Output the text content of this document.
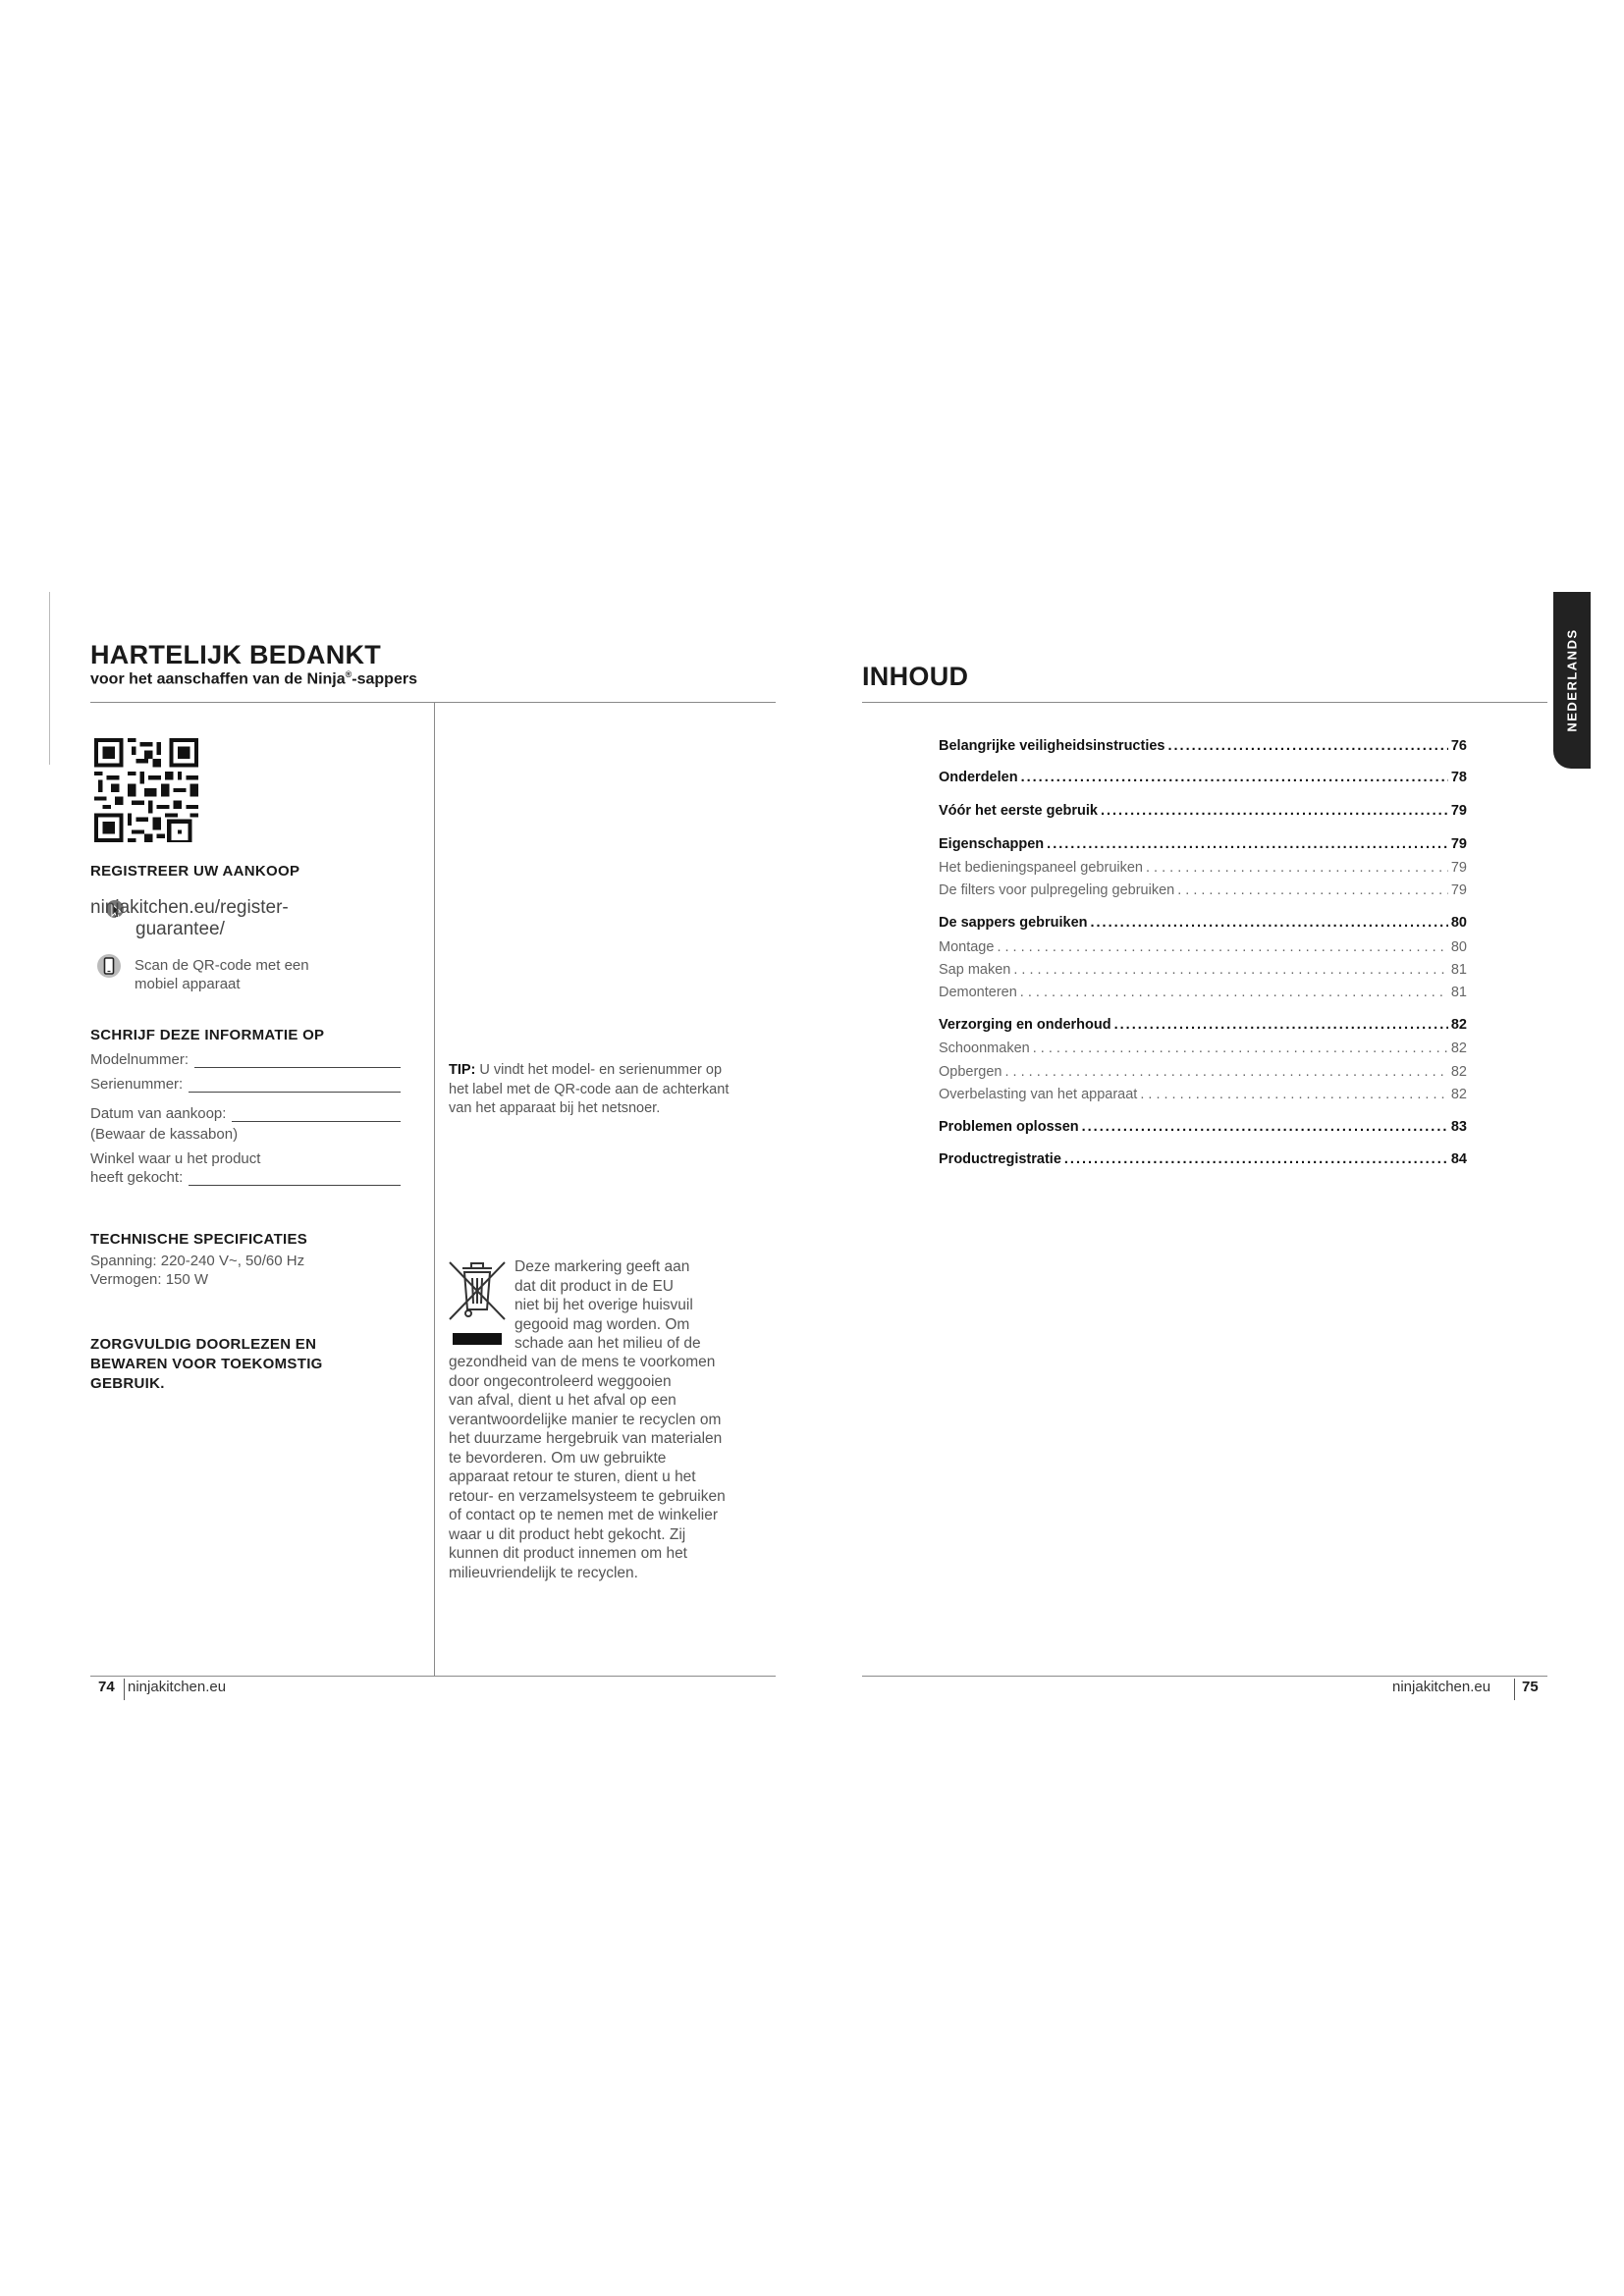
HARTELIJK BEDANKT
voor het aanschaffen van de Ninja®-sappers
REGISTREER UW AANKOOP
ninjakitchen.eu/register-
guarantee/
Scan de QR-code met een
mobiel apparaat
SCHRIJF DEZE INFORMATIE OP
Modelnummer:
Serienummer:
Datum van aankoop:
(Bewaar de kassabon)
Winkel waar u het product
heeft gekocht:
TECHNISCHE SPECIFICATIES
Spanning: 220-240 V~, 50/60 Hz
Vermogen: 150 W
ZORGVULDIG DOORLEZEN EN
BEWAREN VOOR TOEKOMSTIG
GEBRUIK.
TIP: U vindt het model- en serienummer op
het label met de QR-code aan de achterkant
van het apparaat bij het netsnoer.
Deze markering geeft aan
dat dit product in de EU
niet bij het overige huisvuil
gegooid mag worden. Om
schade aan het milieu of de
gezondheid van de mens te voorkomen
door ongecontroleerd weggooien
van afval, dient u het afval op een
verantwoordelijke manier te recyclen om
het duurzame hergebruik van materialen
te bevorderen. Om uw gebruikte
apparaat retour te sturen, dient u het
retour- en verzamelsysteem te gebruiken
of contact op te nemen met de winkelier
waar u dit product hebt gekocht. Zij
kunnen dit product innemen om het
milieuvriendelijk te recyclen.
74 ninjakitchen.eu
INHOUD	NEDERLANDS
Belangrijke veiligheidsinstructies .....	76
Onderdelen .....	78
Vóór het eerste gebruik .....	79
Eigenschappen .....	79
Het bedieningspaneel gebruiken . . .	79
De filters voor pulpregeling gebruiken . . .	79
De sappers gebruiken .....	80
Montage . . .	80
Sap maken . . .	81
Demonteren . . .	81
Verzorging en onderhoud .....	82
Schoonmaken . . .	82
Opbergen . . .	82
Overbelasting van het apparaat . . .	82
Problemen oplossen .....	83
Productregistratie .....	84
ninjakitchen.eu 75
